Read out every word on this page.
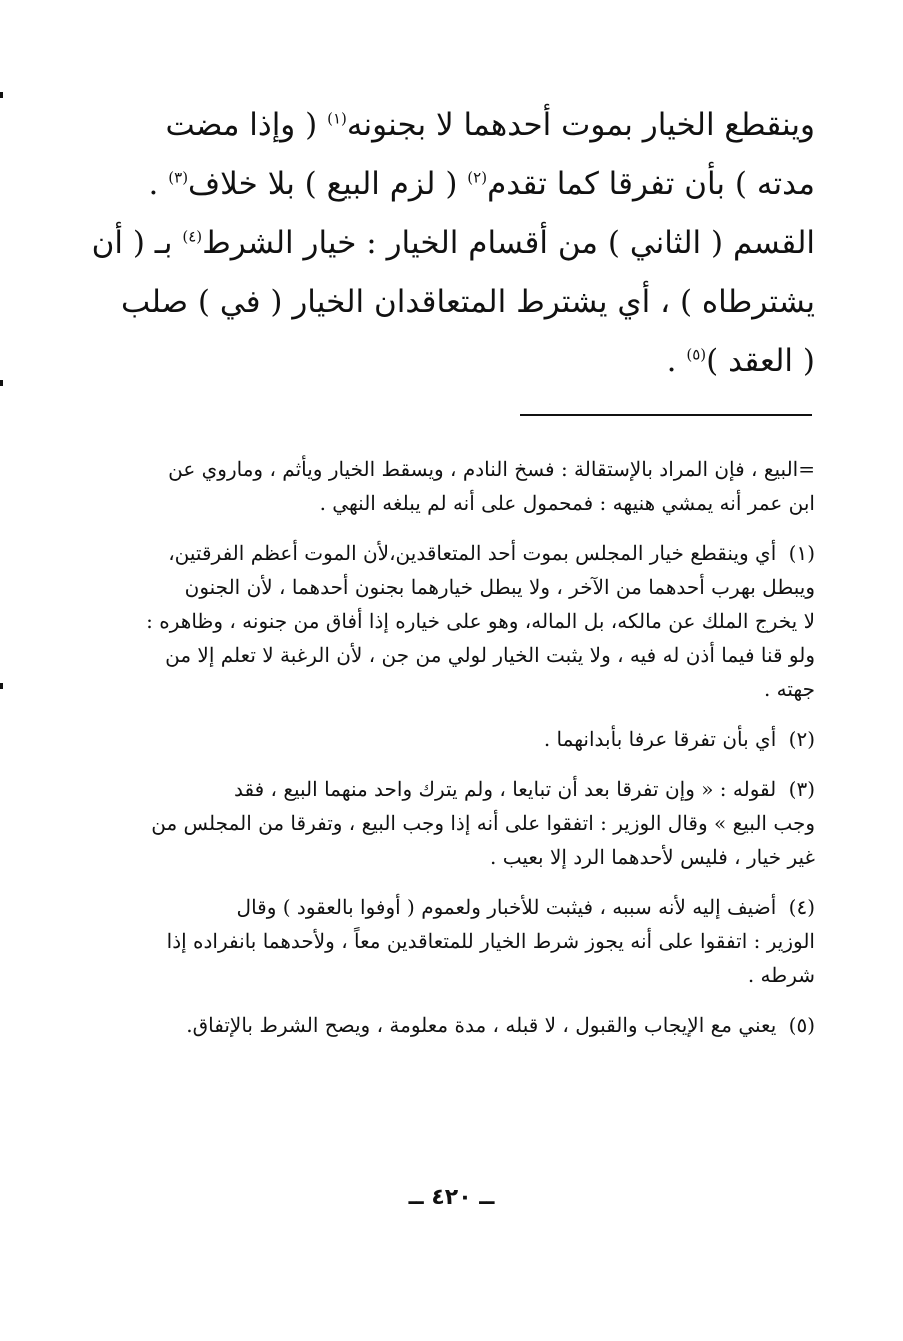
وينقطع الخيار بموت أحدهما لا بجنونه$^{(١)}$ ( وإذا مضت
مدته ) بأن تفرقا كما تقدم$^{(٢)}$ ( لزم البيع ) بلا خلاف$^{(٣)}$ .
القسم ( الثاني ) من أقسام الخيار : خيار الشرط$^{(٤)}$ بـ ( أن
يشترطاه ) ، أي يشترط المتعاقدان الخيار ( في ) صلب
( العقد )$^{(٥)}$ .
=البيع ، فإن المراد بالإستقالة : فسخ النادم ، ويسقط الخيار ويأثم ، وماروي عن
ابن عمر أنه يمشي هنيهه : فمحمول على أنه لم يبلغه النهي .
(١) أي وينقطع خيار المجلس بموت أحد المتعاقدين،لأن الموت أعظم الفرقتين،
ويبطل بهرب أحدهما من الآخر ، ولا يبطل خيارهما بجنون أحدهما ، لأن الجنون
لا يخرج الملك عن مالكه، بل الماله، وهو على خياره إذا أفاق من جنونه ، وظاهره :
ولو قنا فيما أذن له فيه ، ولا يثبت الخيار لولي من جن ، لأن الرغبة لا تعلم إلا من
جهته .
(٢) أي بأن تفرقا عرفا بأبدانهما .
(٣) لقوله : « وإن تفرقا بعد أن تبايعا ، ولم يترك واحد منهما البيع ، فقد
وجب البيع » وقال الوزير : اتفقوا على أنه إذا وجب البيع ، وتفرقا من المجلس من
غير خيار ، فليس لأحدهما الرد إلا بعيب .
(٤) أضيف إليه لأنه سببه ، فيثبت للأخبار ولعموم ( أوفوا بالعقود ) وقال
الوزير : اتفقوا على أنه يجوز شرط الخيار للمتعاقدين معاً ، ولأحدهما بانفراده إذا
شرطه .
(٥) يعني مع الإيجاب والقبول ، لا قبله ، مدة معلومة ، ويصح الشرط بالإتفاق.
ــ ٤٢٠ ــ
